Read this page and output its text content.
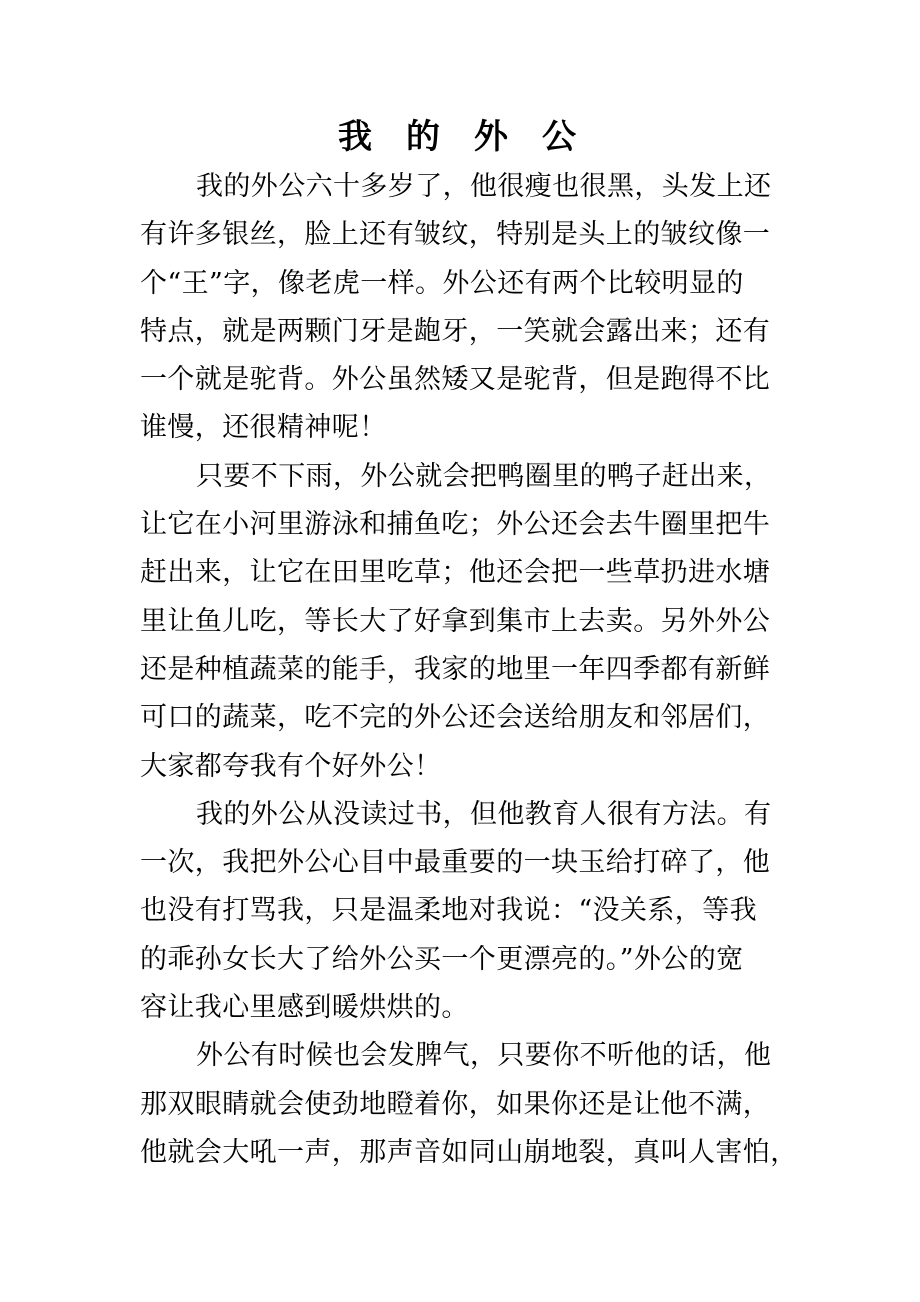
我的外公

我的外公六十多岁了，他很瘦也很黑，头发上还
有许多银丝，脸上还有皱纹，特别是头上的皱纹像一
个“王”字，像老虎一样。外公还有两个比较明显的
特点，就是两颗门牙是龅牙，一笑就会露出来；还有
一个就是驼背。外公虽然矮又是驼背，但是跑得不比
谁慢，还很精神呢！

只要不下雨，外公就会把鸭圈里的鸭子赶出来，
让它在小河里游泳和捕鱼吃；外公还会去牛圈里把牛
赶出来，让它在田里吃草；他还会把一些草扔进水塘
里让鱼儿吃，等长大了好拿到集市上去卖。另外外公
还是种植蔬菜的能手，我家的地里一年四季都有新鲜
可口的蔬菜，吃不完的外公还会送给朋友和邻居们，
大家都夸我有个好外公！

我的外公从没读过书，但他教育人很有方法。有
一次，我把外公心目中最重要的一块玉给打碎了，他
也没有打骂我，只是温柔地对我说：“没关系，等我
的乖孙女长大了给外公买一个更漂亮的。”外公的宽
容让我心里感到暖烘烘的。

外公有时候也会发脾气，只要你不听他的话，他
那双眼睛就会使劲地瞪着你，如果你还是让他不满，
他就会大吼一声，那声音如同山崩地裂，真叫人害怕，
